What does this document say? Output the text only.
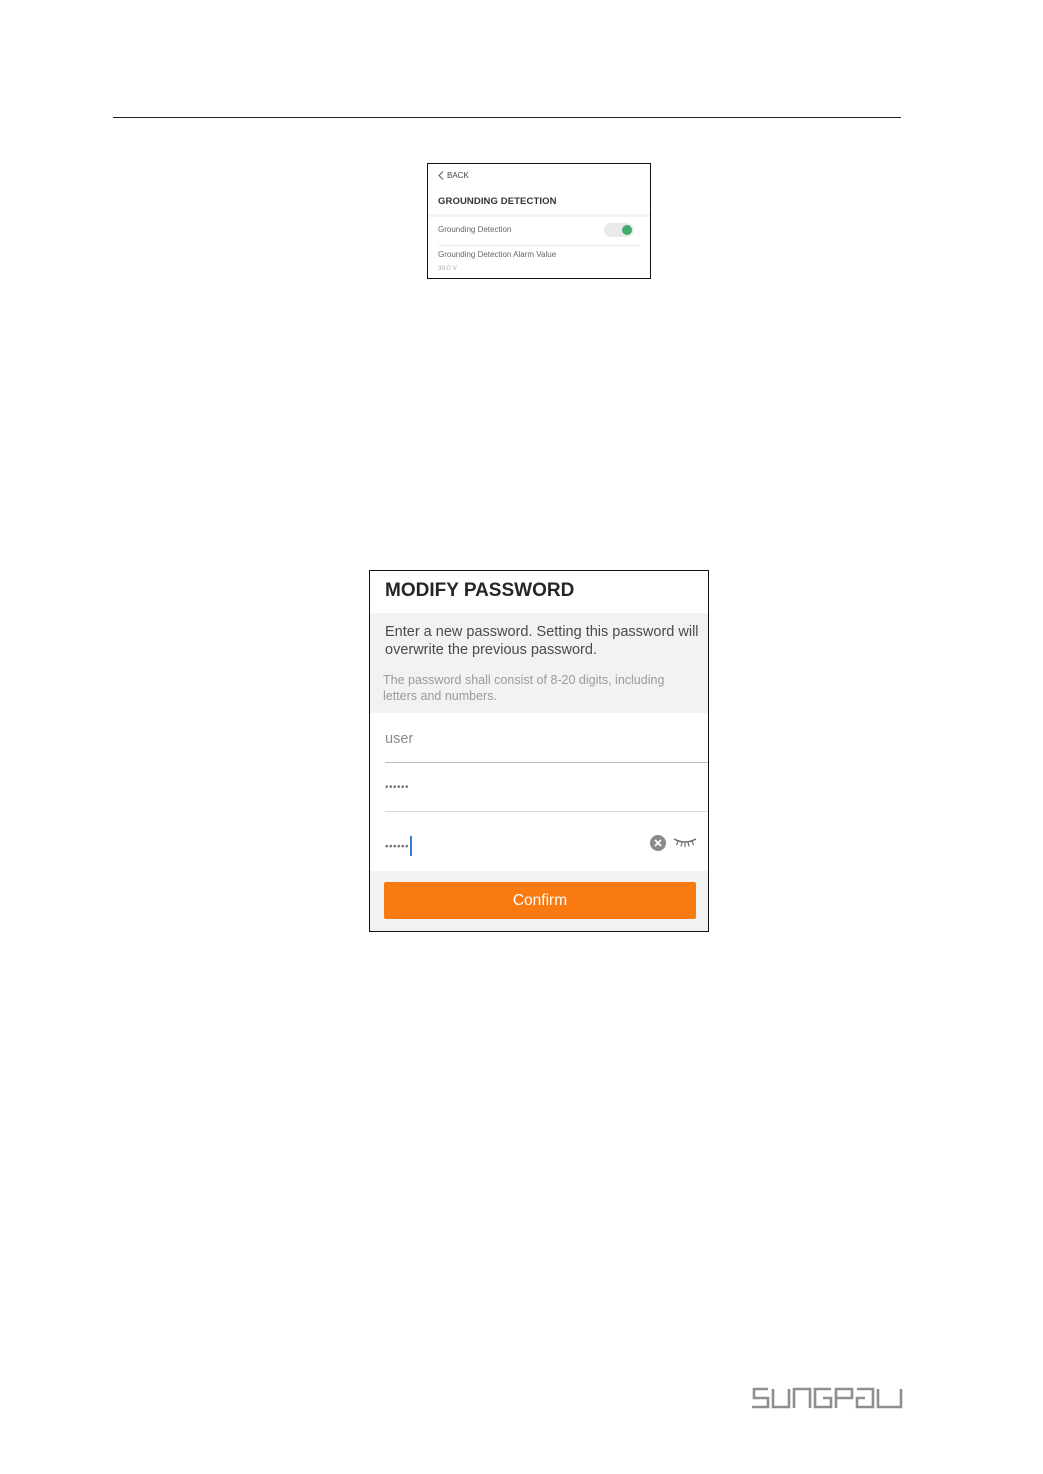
BACK
GROUNDING DETECTION
Grounding Detection
Grounding Detection Alarm Value
30.0 V
MODIFY PASSWORD
Enter a new password. Setting this password will overwrite the previous password.
The password shall consist of 8-20 digits, including letters and numbers.
user
••••••
••••••
Confirm
